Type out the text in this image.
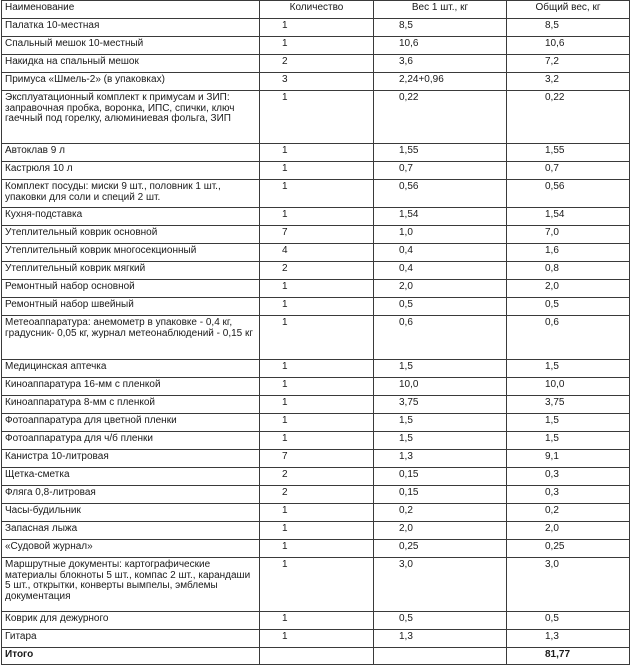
Наименование	Количество	Вес 1 шт., кг	Общий вес, кг
Палатка 10-местная	1	8,5	8,5
Спальный мешок 10-местный	1	10,6	10,6
Накидка на спальный мешок	2	3,6	7,2
Примуса «Шмель-2» (в упаковках)	3	2,24+0,96	3,2
Эксплуатационный комплект к примусам и ЗИП: заправочная пробка, воронка, ИПС, спички, ключ гаечный под горелку, алюминиевая фольга, ЗИП	1	0,22	0,22
Автоклав 9 л	1	1,55	1,55
Кастрюля 10 л	1	0,7	0,7
Комплект посуды: миски 9 шт., половник 1 шт., упаковки для соли и специй 2 шт.	1	0,56	0,56
Кухня-подставка	1	1,54	1,54
Утеплительный коврик основной	7	1,0	7,0
Утеплительный коврик многосекционный	4	0,4	1,6
Утеплительный коврик мягкий	2	0,4	0,8
Ремонтный набор основной	1	2,0	2,0
Ремонтный набор швейный	1	0,5	0,5
Метеоаппаратура: анемометр в упаковке - 0,4 кг, градусник- 0,05 кг, журнал метеонаблюдений - 0,15 кг	1	0,6	0,6
Медицинская аптечка	1	1,5	1,5
Киноаппаратура 16-мм с пленкой	1	10,0	10,0
Киноаппаратура 8-мм с пленкой	1	3,75	3,75
Фотоаппаратура для цветной пленки	1	1,5	1,5
Фотоаппаратура для ч/б пленки	1	1,5	1,5
Канистра 10-литровая	7	1,3	9,1
Щетка-сметка	2	0,15	0,3
Фляга 0,8-литровая	2	0,15	0,3
Часы-будильник	1	0,2	0,2
Запасная лыжа	1	2,0	2,0
«Судовой журнал»	1	0,25	0,25
Маршрутные документы: картографические материалы блокноты 5 шт., компас 2 шт., карандаши 5 шт., открытки, конверты вымпелы, эмблемы документация	1	3,0	3,0
Коврик для дежурного	1	0,5	0,5
Гитара	1	1,3	1,3
Итого			81,77
